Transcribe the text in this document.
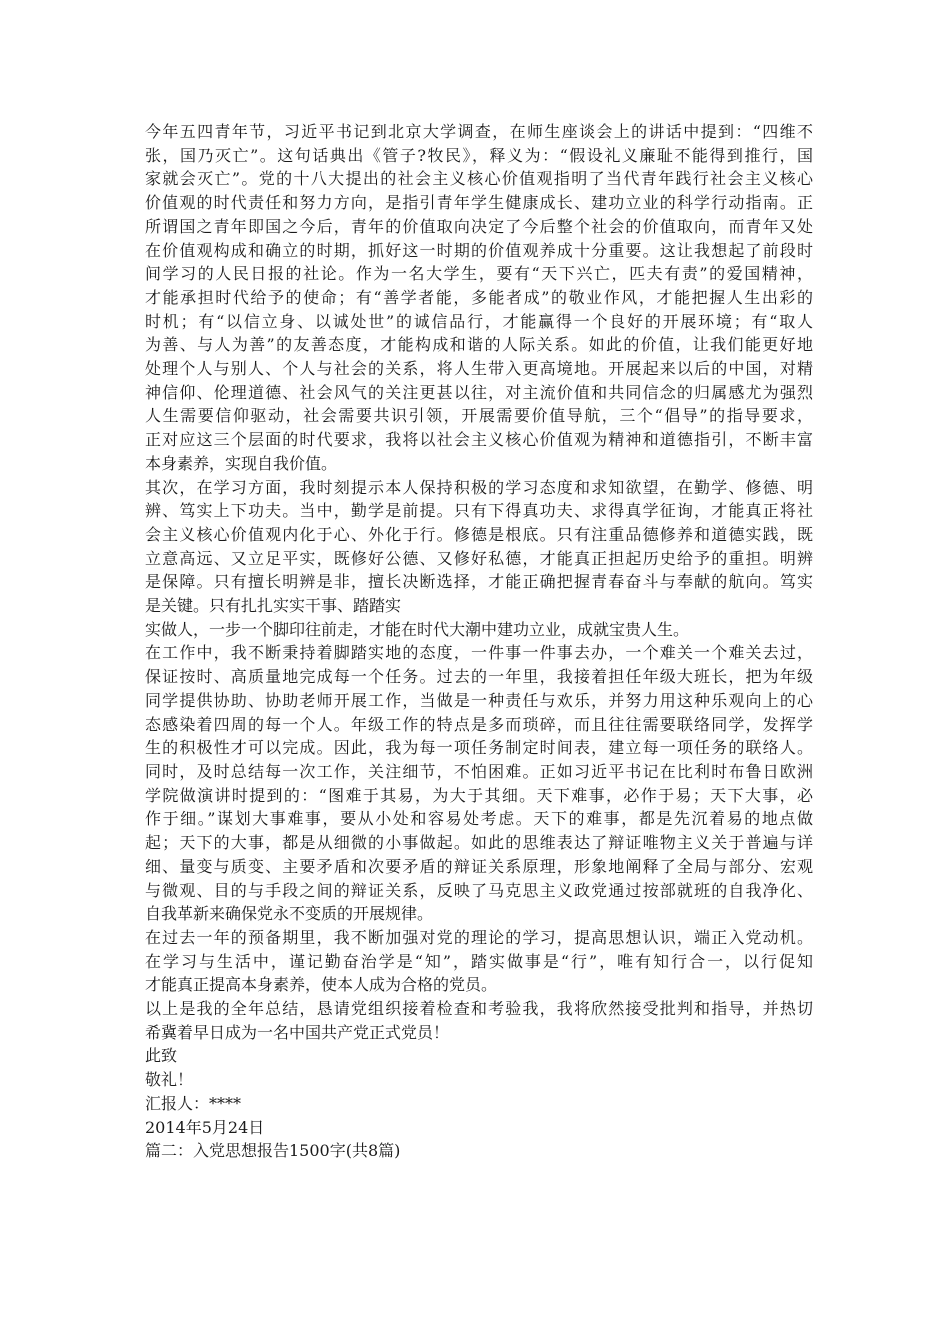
今年五四青年节，习近平书记到北京大学调查，在师生座谈会上的讲话中提到：“四维不
张，国乃灭亡”。这句话典出《管子?牧民》，释义为：“假设礼义廉耻不能得到推行，国
家就会灭亡”。党的十八大提出的社会主义核心价值观指明了当代青年践行社会主义核心
价值观的时代责任和努力方向，是指引青年学生健康成长、建功立业的科学行动指南。正
所谓国之青年即国之今后，青年的价值取向决定了今后整个社会的价值取向，而青年又处
在价值观构成和确立的时期，抓好这一时期的价值观养成十分重要。这让我想起了前段时
间学习的人民日报的社论。作为一名大学生，要有“天下兴亡，匹夫有责”的爱国精神，
才能承担时代给予的使命；有“善学者能，多能者成”的敬业作风，才能把握人生出彩的
时机；有“以信立身、以诚处世”的诚信品行，才能赢得一个良好的开展环境；有“取人
为善、与人为善”的友善态度，才能构成和谐的人际关系。如此的价值，让我们能更好地
处理个人与别人、个人与社会的关系，将人生带入更高境地。开展起来以后的中国，对精
神信仰、伦理道德、社会风气的关注更甚以往，对主流价值和共同信念的归属感尤为强烈
人生需要信仰驱动，社会需要共识引领，开展需要价值导航，三个“倡导”的指导要求，
正对应这三个层面的时代要求，我将以社会主义核心价值观为精神和道德指引，不断丰富
本身素养，实现自我价值。
其次，在学习方面，我时刻提示本人保持积极的学习态度和求知欲望，在勤学、修德、明
辨、笃实上下功夫。当中，勤学是前提。只有下得真功夫、求得真学征询，才能真正将社
会主义核心价值观内化于心、外化于行。修德是根底。只有注重品德修养和道德实践，既
立意高远、又立足平实，既修好公德、又修好私德，才能真正担起历史给予的重担。明辨
是保障。只有擅长明辨是非，擅长决断选择，才能正确把握青春奋斗与奉献的航向。笃实
是关键。只有扎扎实实干事、踏踏实
实做人，一步一个脚印往前走，才能在时代大潮中建功立业，成就宝贵人生。
在工作中，我不断秉持着脚踏实地的态度，一件事一件事去办，一个难关一个难关去过，
保证按时、高质量地完成每一个任务。过去的一年里，我接着担任年级大班长，把为年级
同学提供协助、协助老师开展工作，当做是一种责任与欢乐，并努力用这种乐观向上的心
态感染着四周的每一个人。年级工作的特点是多而琐碎，而且往往需要联络同学，发挥学
生的积极性才可以完成。因此，我为每一项任务制定时间表，建立每一项任务的联络人。
同时，及时总结每一次工作，关注细节，不怕困难。正如习近平书记在比利时布鲁日欧洲
学院做演讲时提到的：“图难于其易，为大于其细。天下难事，必作于易；天下大事，必
作于细。”谋划大事难事，要从小处和容易处考虑。天下的难事，都是先沉着易的地点做
起；天下的大事，都是从细微的小事做起。如此的思维表达了辩证唯物主义关于普遍与详
细、量变与质变、主要矛盾和次要矛盾的辩证关系原理，形象地阐释了全局与部分、宏观
与微观、目的与手段之间的辩证关系，反映了马克思主义政党通过按部就班的自我净化、
自我革新来确保党永不变质的开展规律。
在过去一年的预备期里，我不断加强对党的理论的学习，提高思想认识，端正入党动机。
在学习与生活中，谨记勤奋治学是“知”，踏实做事是“行”，唯有知行合一，以行促知
才能真正提高本身素养，使本人成为合格的党员。
以上是我的全年总结，恳请党组织接着检查和考验我，我将欣然接受批判和指导，并热切
希冀着早日成为一名中国共产党正式党员！
此致
敬礼！
汇报人：****
2014年5月24日
篇二：入党思想报告1500字(共8篇)
